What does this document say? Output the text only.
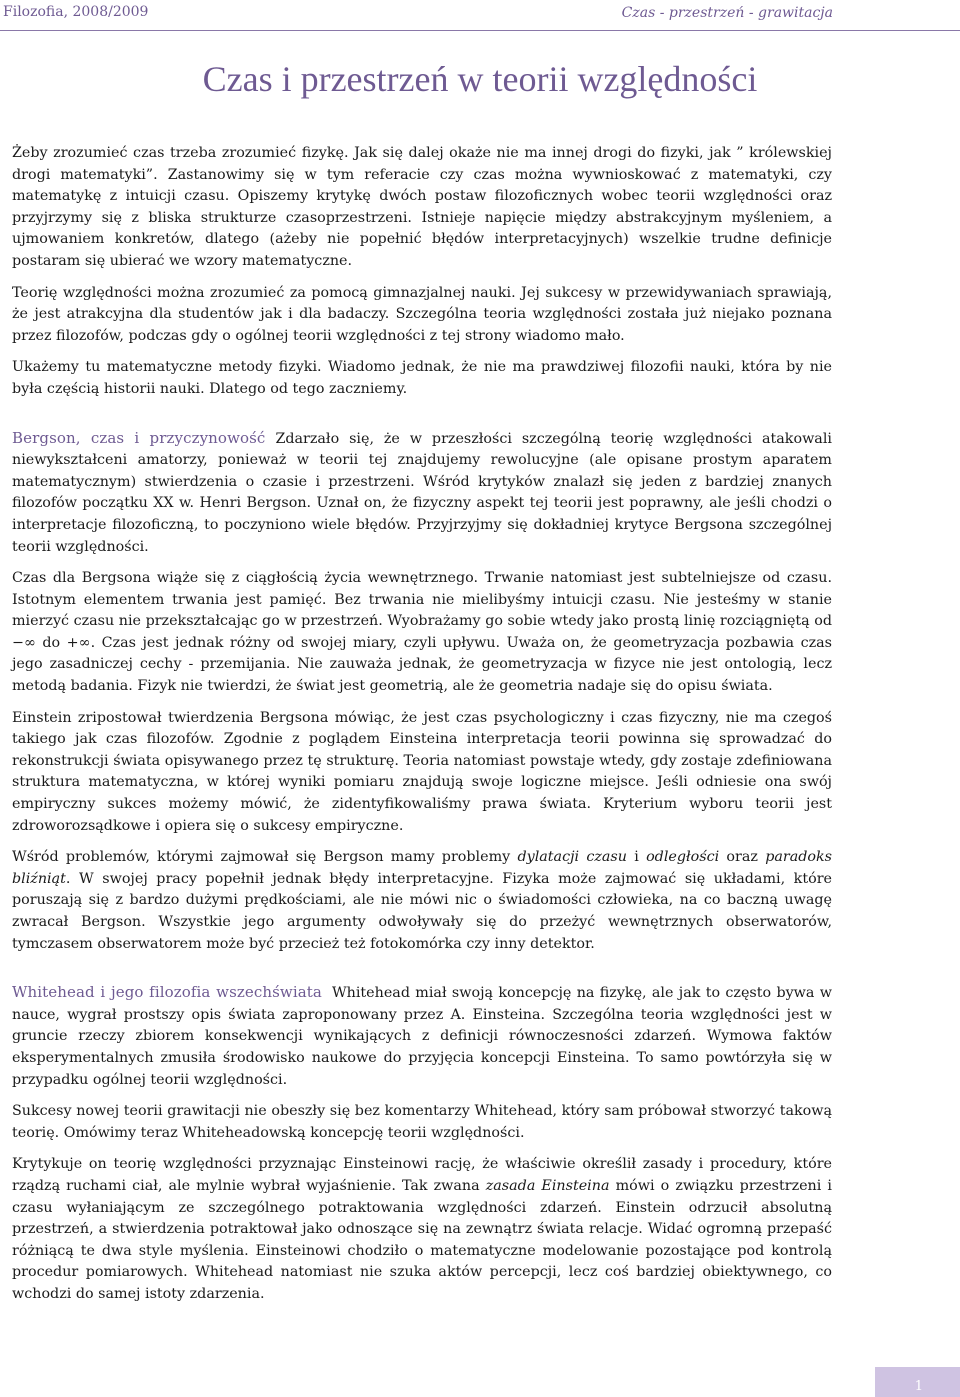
Filozofia, 2008/2009	Czas - przestrzeń - grawitacja
Czas i przestrzeń w teorii względności

Żeby zrozumieć czas trzeba zrozumieć fizykę. Jak się dalej okaże nie ma innej drogi do fizyki, jak ” królewskiej drogi matematyki”. Zastanowimy się w tym referacie czy czas można wywnioskować z matematyki, czy matematykę z intuicji czasu. Opiszemy krytykę dwóch postaw filozoficznych wobec teorii względności oraz przyjrzymy się z bliska strukturze czasoprzestrzeni. Istnieje napięcie między abstrakcyjnym myśleniem, a ujmowaniem konkretów, dlatego (ażeby nie popełnić błędów interpretacyjnych) wszelkie trudne definicje postaram się ubierać we wzory matematyczne.

Teorię względności można zrozumieć za pomocą gimnazjalnej nauki. Jej sukcesy w przewidywaniach sprawiają, że jest atrakcyjna dla studentów jak i dla badaczy. Szczególna teoria względności została już niejako poznana przez filozofów, podczas gdy o ogólnej teorii względności z tej strony wiadomo mało.

Ukażemy tu matematyczne metody fizyki. Wiadomo jednak, że nie ma prawdziwej filozofii nauki, która by nie była częścią historii nauki. Dlatego od tego zaczniemy.

Bergson, czas i przyczynowość Zdarzało się, że w przeszłości szczególną teorię względności atakowali niewykształceni amatorzy, ponieważ w teorii tej znajdujemy rewolucyjne (ale opisane prostym aparatem matematycznym) stwierdzenia o czasie i przestrzeni. Wśród krytyków znalazł się jeden z bardziej znanych filozofów początku XX w. Henri Bergson. Uznał on, że fizyczny aspekt tej teorii jest poprawny, ale jeśli chodzi o interpretacje filozoficzną, to poczyniono wiele błędów. Przyjrzyjmy się dokładniej krytyce Bergsona szczególnej teorii względności.

Czas dla Bergsona wiąże się z ciągłością życia wewnętrznego. Trwanie natomiast jest subtelniejsze od czasu. Istotnym elementem trwania jest pamięć. Bez trwania nie mielibyśmy intuicji czasu. Nie jesteśmy w stanie mierzyć czasu nie przekształcając go w przestrzeń. Wyobrażamy go sobie wtedy jako prostą linię rozciągniętą od −∞ do +∞. Czas jest jednak różny od swojej miary, czyli upływu. Uważa on, że geometryzacja pozbawia czas jego zasadniczej cechy - przemijania. Nie zauważa jednak, że geometryzacja w fizyce nie jest ontologią, lecz metodą badania. Fizyk nie twierdzi, że świat jest geometrią, ale że geometria nadaje się do opisu świata.

Einstein zripostował twierdzenia Bergsona mówiąc, że jest czas psychologiczny i czas fizyczny, nie ma czegoś takiego jak czas filozofów. Zgodnie z poglądem Einsteina interpretacja teorii powinna się sprowadzać do rekonstrukcji świata opisywanego przez tę strukturę. Teoria natomiast powstaje wtedy, gdy zostaje zdefiniowana struktura matematyczna, w której wyniki pomiaru znajdują swoje logiczne miejsce. Jeśli odniesie ona swój empiryczny sukces możemy mówić, że zidentyfikowaliśmy prawa świata. Kryterium wyboru teorii jest zdroworozsądkowe i opiera się o sukcesy empiryczne.

Wśród problemów, którymi zajmował się Bergson mamy problemy dylatacji czasu i odległości oraz paradoks bliźniąt. W swojej pracy popełnił jednak błędy interpretacyjne. Fizyka może zajmować się układami, które poruszają się z bardzo dużymi prędkościami, ale nie mówi nic o świadomości człowieka, na co baczną uwagę zwracał Bergson. Wszystkie jego argumenty odwoływały się do przeżyć wewnętrznych obserwatorów, tymczasem obserwatorem może być przecież też fotokomórka czy inny detektor.

Whitehead i jego filozofia wszechświata Whitehead miał swoją koncepcję na fizykę, ale jak to często bywa w nauce, wygrał prostszy opis świata zaproponowany przez A. Einsteina. Szczególna teoria względności jest w gruncie rzeczy zbiorem konsekwencji wynikających z definicji równoczesności zdarzeń. Wymowa faktów eksperymentalnych zmusiła środowisko naukowe do przyjęcia koncepcji Einsteina. To samo powtórzyła się w przypadku ogólnej teorii względności.

Sukcesy nowej teorii grawitacji nie obeszły się bez komentarzy Whitehead, który sam próbował stworzyć takową teorię. Omówimy teraz Whiteheadowską koncepcję teorii względności.

Krytykuje on teorię względności przyznając Einsteinowi rację, że właściwie określił zasady i procedury, które rządzą ruchami ciał, ale mylnie wybrał wyjaśnienie. Tak zwana zasada Einsteina mówi o związku przestrzeni i czasu wyłaniającym ze szczególnego potraktowania względności zdarzeń. Einstein odrzucił absolutną przestrzeń, a stwierdzenia potraktował jako odnoszące się na zewnątrz świata relacje. Widać ogromną przepaść różniącą te dwa style myślenia. Einsteinowi chodziło o matematyczne modelowanie pozostające pod kontrolą procedur pomiarowych. Whitehead natomiast nie szuka aktów percepcji, lecz coś bardziej obiektywnego, co wchodzi do samej istoty zdarzenia.

1
